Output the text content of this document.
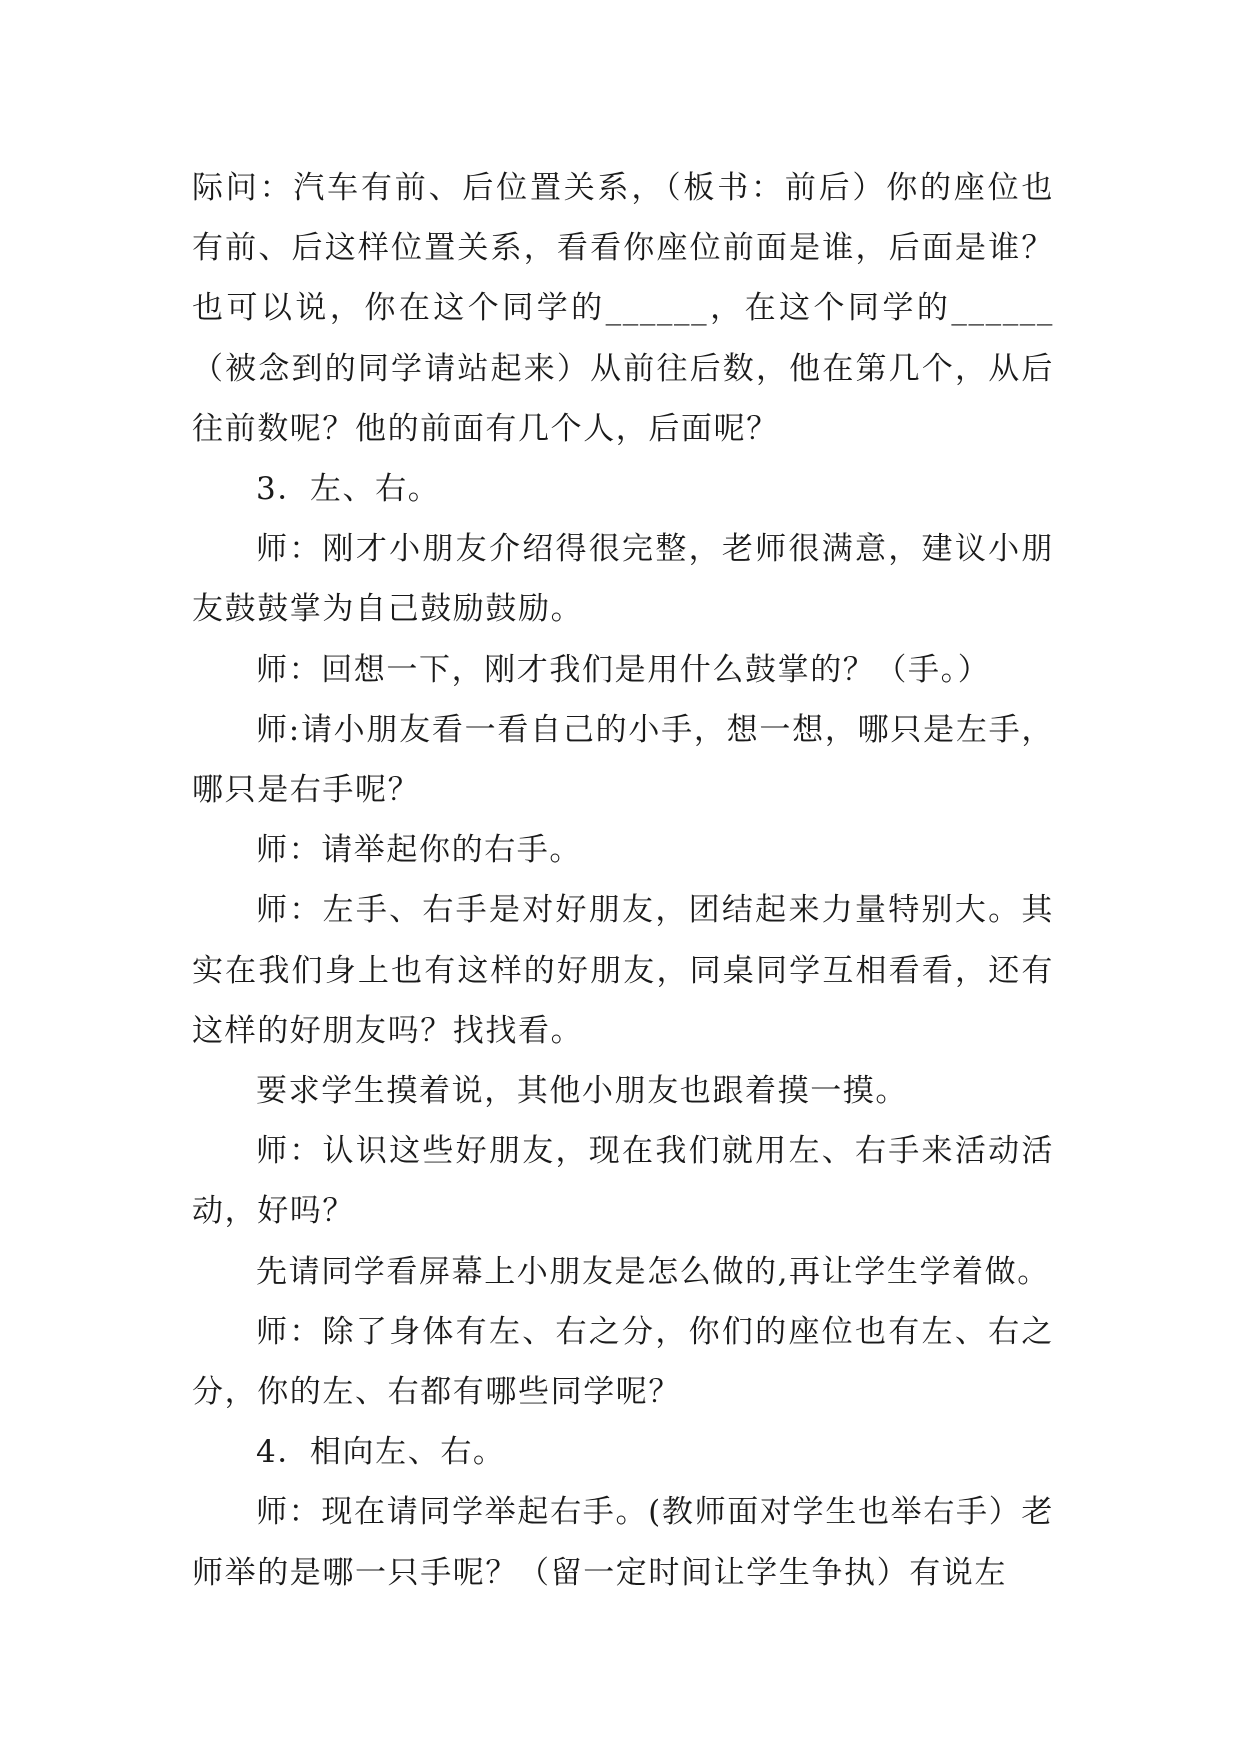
际问：汽车有前、后位置关系，（板书：前后）你的座位也有前、后这样位置关系，看看你座位前面是谁，后面是谁？也可以说，你在这个同学的______，在这个同学的______（被念到的同学请站起来）从前往后数，他在第几个，从后往前数呢？他的前面有几个人，后面呢？

3．左、右。

师：刚才小朋友介绍得很完整，老师很满意，建议小朋友鼓鼓掌为自己鼓励鼓励。

师：回想一下，刚才我们是用什么鼓掌的？（手。）

师:请小朋友看一看自己的小手，想一想，哪只是左手，哪只是右手呢？

师：请举起你的右手。

师：左手、右手是对好朋友，团结起来力量特别大。其实在我们身上也有这样的好朋友，同桌同学互相看看，还有这样的好朋友吗？找找看。

要求学生摸着说，其他小朋友也跟着摸一摸。

师：认识这些好朋友，现在我们就用左、右手来活动活动，好吗？

先请同学看屏幕上小朋友是怎么做的,再让学生学着做。

师：除了身体有左、右之分，你们的座位也有左、右之分，你的左、右都有哪些同学呢？

4．相向左、右。

师：现在请同学举起右手。(教师面对学生也举右手）老师举的是哪一只手呢？（留一定时间让学生争执）有说左
